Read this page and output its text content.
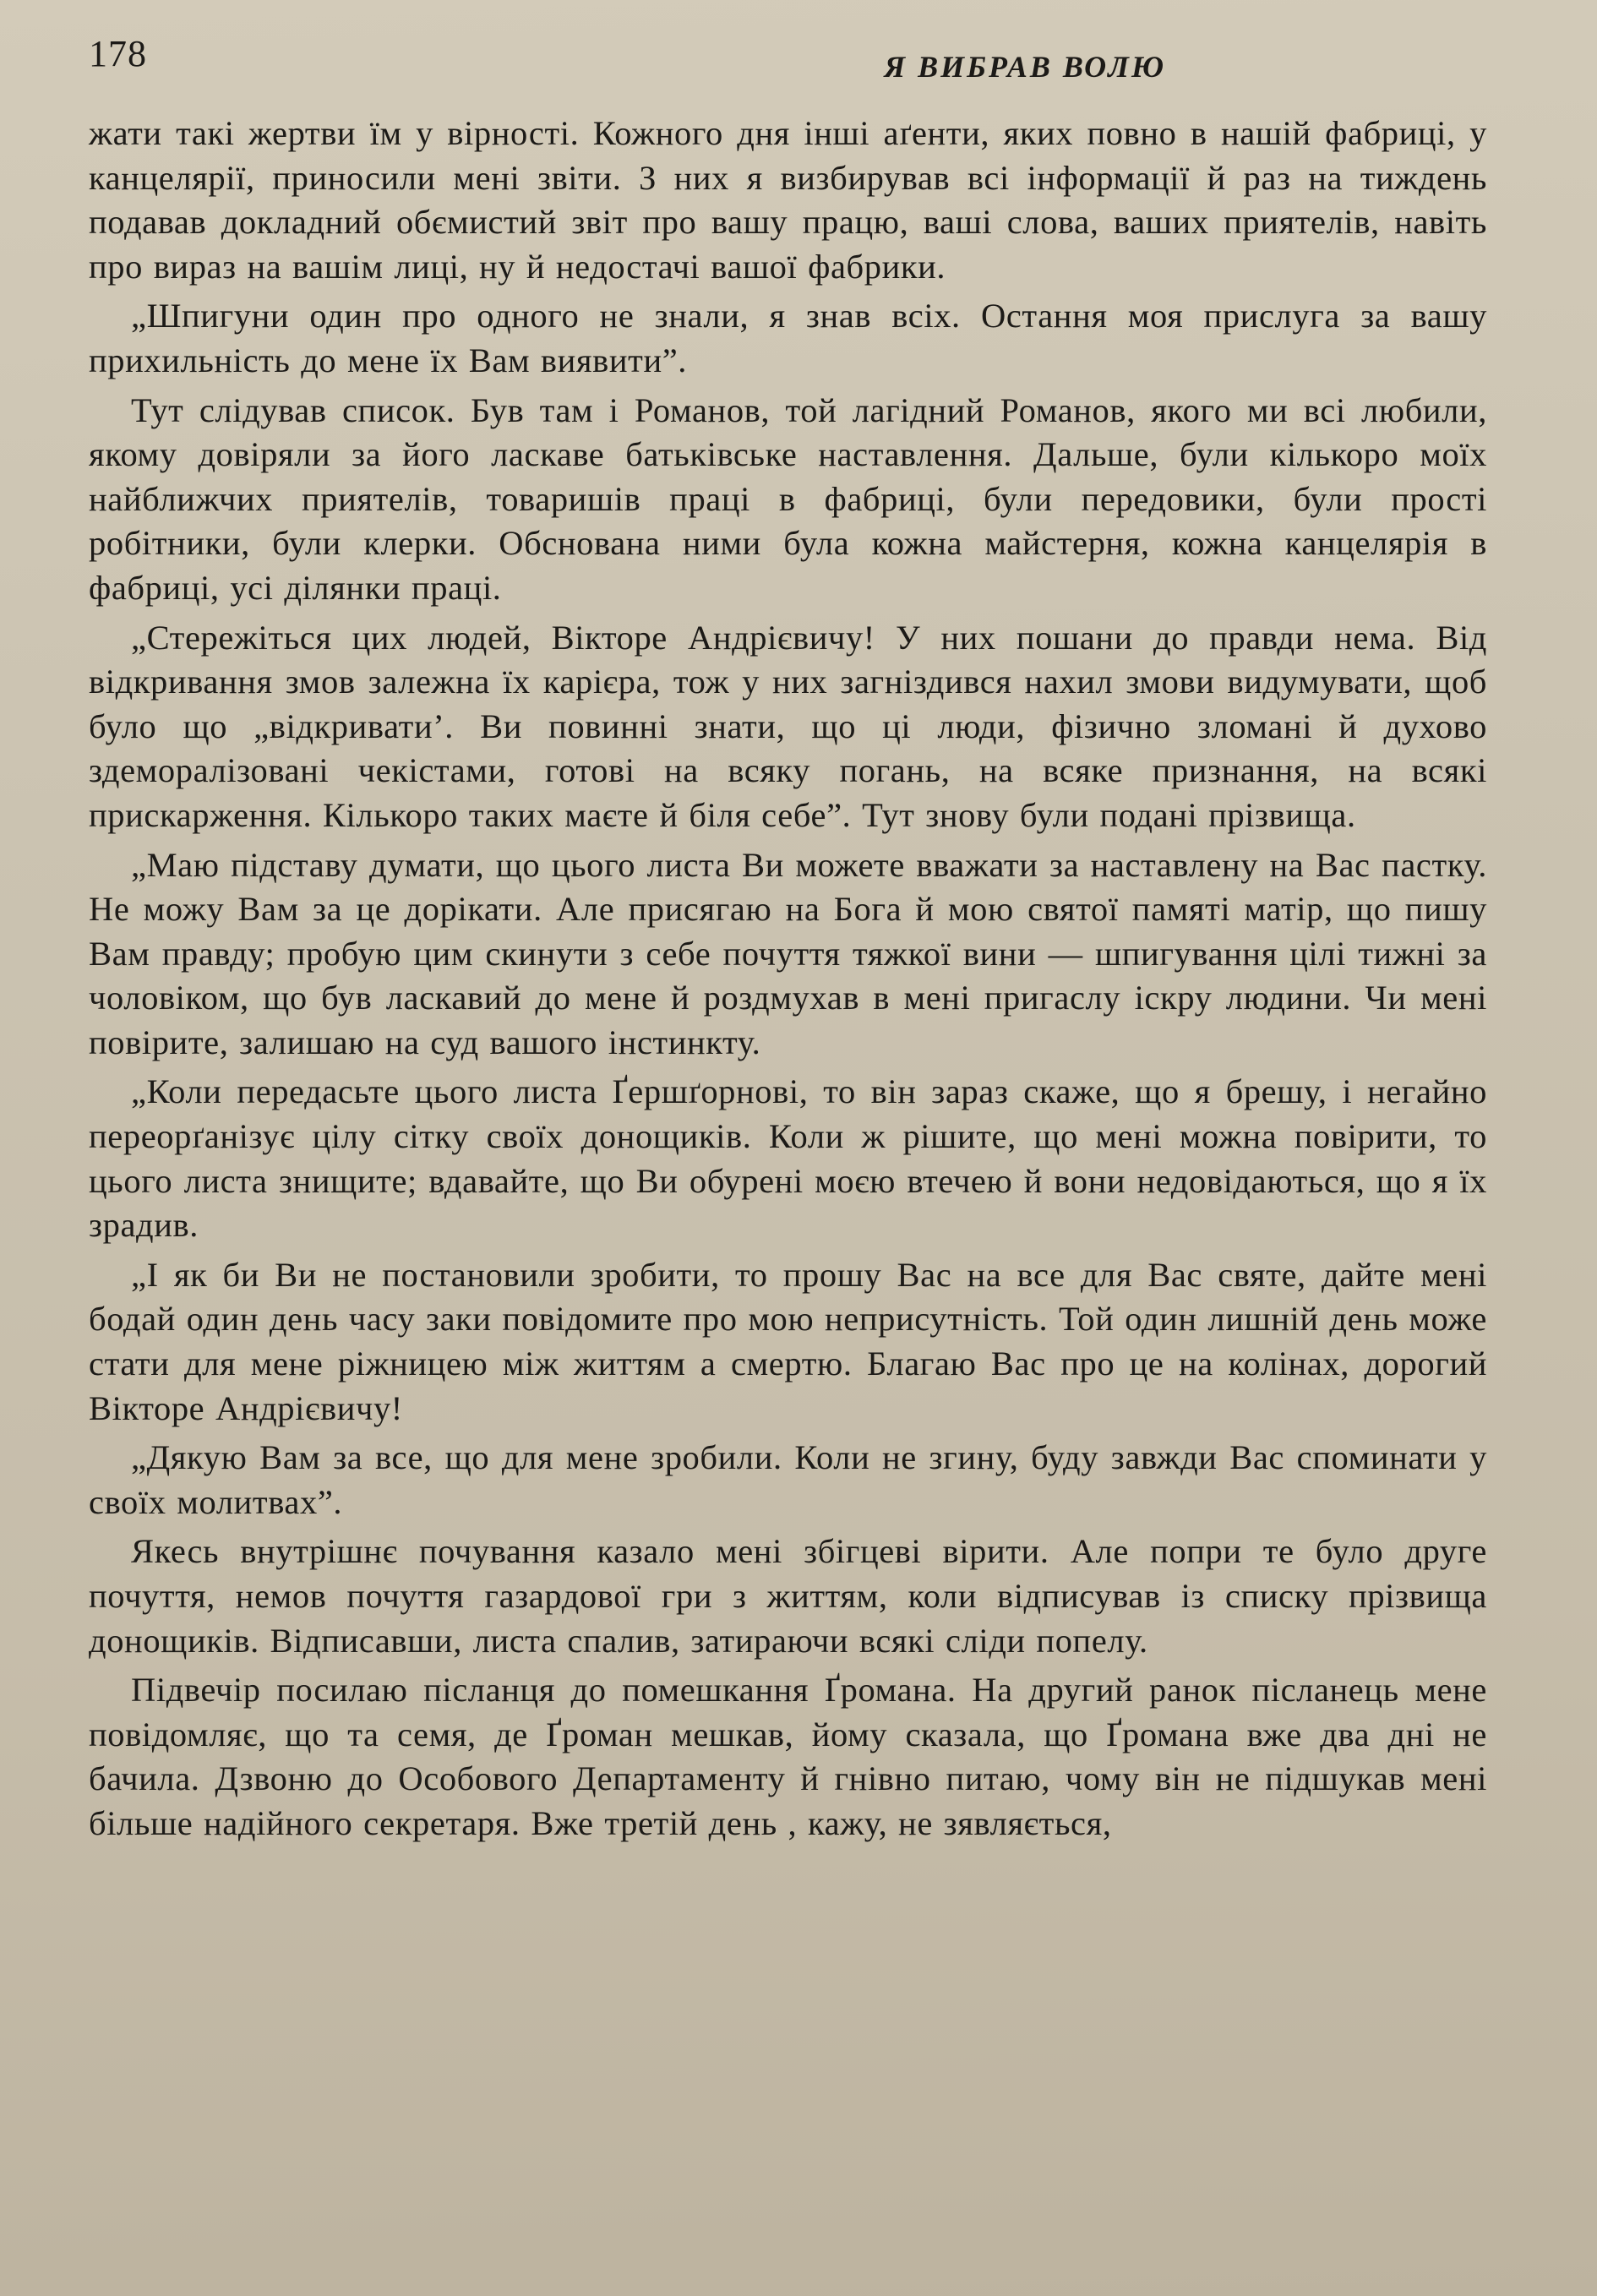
178	Я ВИБРАВ ВОЛЮ

жати такі жертви їм у вірності. Кожного дня інші аґенти, яких повно в нашій фабриці, у канцелярії, приносили мені звіти. З них я визбирував всі інформації й раз на тиждень подавав докладний обємистий звіт про вашу працю, ваші слова, ваших приятелів, навіть про вираз на вашім лиці, ну й недостачі вашої фабрики.

„Шпигуни один про одного не знали, я знав всіх. Остання моя прислуга за вашу прихильність до мене їх Вам виявити”.

Тут слідував список. Був там і Романов, той лагідний Романов, якого ми всі любили, якому довіряли за його ласкаве батьківське наставлення. Дальше, були кількоро моїх найближчих приятелів, товаришів праці в фабриці, були передовики, були прості робітники, були клерки. Обснована ними була кожна майстерня, кожна канцелярія в фабриці, усі ділянки праці.

„Стережіться цих людей, Вікторе Андрієвичу! У них пошани до правди нема. Від відкривання змов залежна їх карієра, тож у них загніздився нахил змови видумувати, щоб було що „відкривати’. Ви повинні знати, що ці люди, фізично зломані й духово здеморалізовані чекістами, готові на всяку погань, на всяке признання, на всякі прискарження. Кількоро таких маєте й біля себе”. Тут знову були подані прізвища.

„Маю підставу думати, що цього листа Ви можете вважати за наставлену на Вас пастку. Не можу Вам за це дорікати. Але присягаю на Бога й мою святої памяті матір, що пишу Вам правду; пробую цим скинути з себе почуття тяжкої вини — шпигування цілі тижні за чоловіком, що був ласкавий до мене й роздмухав в мені пригаслу іскру людини. Чи мені повірите, залишаю на суд вашого інстинкту.

„Коли передасьте цього листа Ґершґорнові, то він зараз скаже, що я брешу, і негайно переорґанізує цілу сітку своїх донощиків. Коли ж рішите, що мені можна повірити, то цього листа знищите; вдавайте, що Ви обурені моєю втечею й вони недовідаються, що я їх зрадив.

„І як би Ви не постановили зробити, то прошу Вас на все для Вас святе, дайте мені бодай один день часу заки повідомите про мою неприсутність. Той один лишній день може стати для мене ріжницею між життям а смертю. Благаю Вас про це на колінах, дорогий Вікторе Андрієвичу!

„Дякую Вам за все, що для мене зробили. Коли не згину, буду завжди Вас споминати у своїх молитвах”.

Якесь внутрішнє почування казало мені збігцеві вірити. Але попри те було друге почуття, немов почуття газардової гри з життям, коли відписував із списку прізвища донощиків. Відписавши, листа спалив, затираючи всякі сліди попелу.

Підвечір посилаю післанця до помешкання Ґромана. На другий ранок післанець мене повідомляє, що та семя, де Ґроман мешкав, йому сказала, що Ґромана вже два дні не бачила. Дзвоню до Особового Департаменту й гнівно питаю, чому він не підшукав мені більше надійного секретаря. Вже третій день , кажу, не зявляється,
